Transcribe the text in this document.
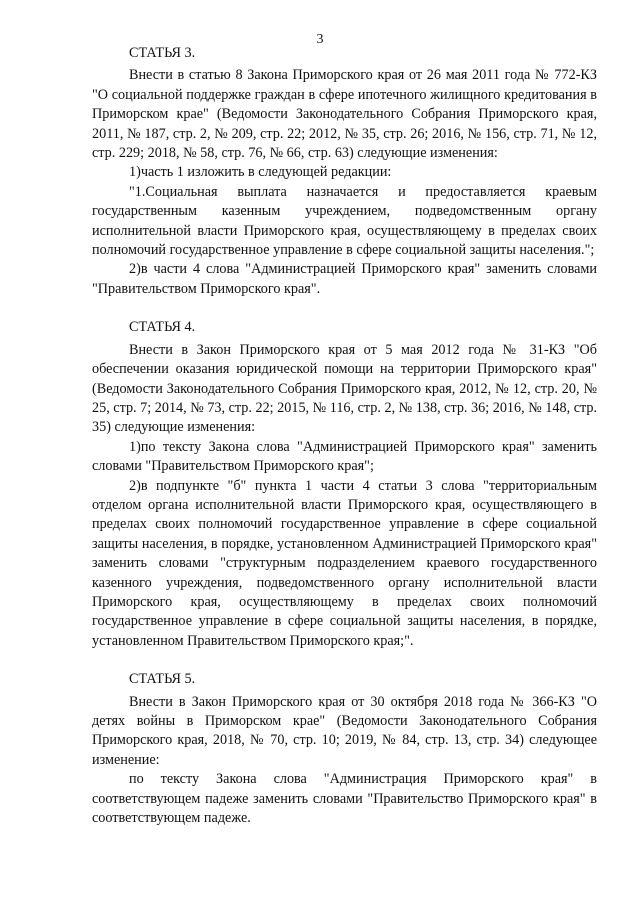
3
СТАТЬЯ 3.

Внести в статью 8 Закона Приморского края от 26 мая 2011 года № 772-КЗ "О социальной поддержке граждан в сфере ипотечного жилищного кредитования в Приморском крае" (Ведомости Законодательного Собрания Приморского края, 2011, № 187, стр. 2, № 209, стр. 22; 2012, № 35, стр. 26; 2016, № 156, стр. 71, № 12, стр. 229; 2018, № 58, стр. 76, № 66, стр. 63) следующие изменения:

1)часть 1 изложить в следующей редакции:

"1.Социальная выплата назначается и предоставляется краевым государственным казенным учреждением, подведомственным органу исполнительной власти Приморского края, осуществляющему в пределах своих полномочий государственное управление в сфере социальной защиты населения.";

2)в части 4 слова "Администрацией Приморского края" заменить словами "Правительством Приморского края".

СТАТЬЯ 4.

Внести в Закон Приморского края от 5 мая 2012 года № 31-КЗ "Об обеспечении оказания юридической помощи на территории Приморского края" (Ведомости Законодательного Собрания Приморского края, 2012, № 12, стр. 20, № 25, стр. 7; 2014, № 73, стр. 22; 2015, № 116, стр. 2, № 138, стр. 36; 2016, № 148, стр. 35) следующие изменения:

1)по тексту Закона слова "Администрацией Приморского края" заменить словами "Правительством Приморского края";

2)в подпункте "б" пункта 1 части 4 статьи 3 слова "территориальным отделом органа исполнительной власти Приморского края, осуществляющего в пределах своих полномочий государственное управление в сфере социальной защиты населения, в порядке, установленном Администрацией Приморского края" заменить словами "структурным подразделением краевого государственного казенного учреждения, подведомственного органу исполнительной власти Приморского края, осуществляющему в пределах своих полномочий государственное управление в сфере социальной защиты населения, в порядке, установленном Правительством Приморского края;".

СТАТЬЯ 5.

Внести в Закон Приморского края от 30 октября 2018 года № 366-КЗ "О детях войны в Приморском крае" (Ведомости Законодательного Собрания Приморского края, 2018, № 70, стр. 10; 2019, № 84, стр. 13, стр. 34) следующее изменение:

по тексту Закона слова "Администрация Приморского края" в соответствующем падеже заменить словами "Правительство Приморского края" в соответствующем падеже.
